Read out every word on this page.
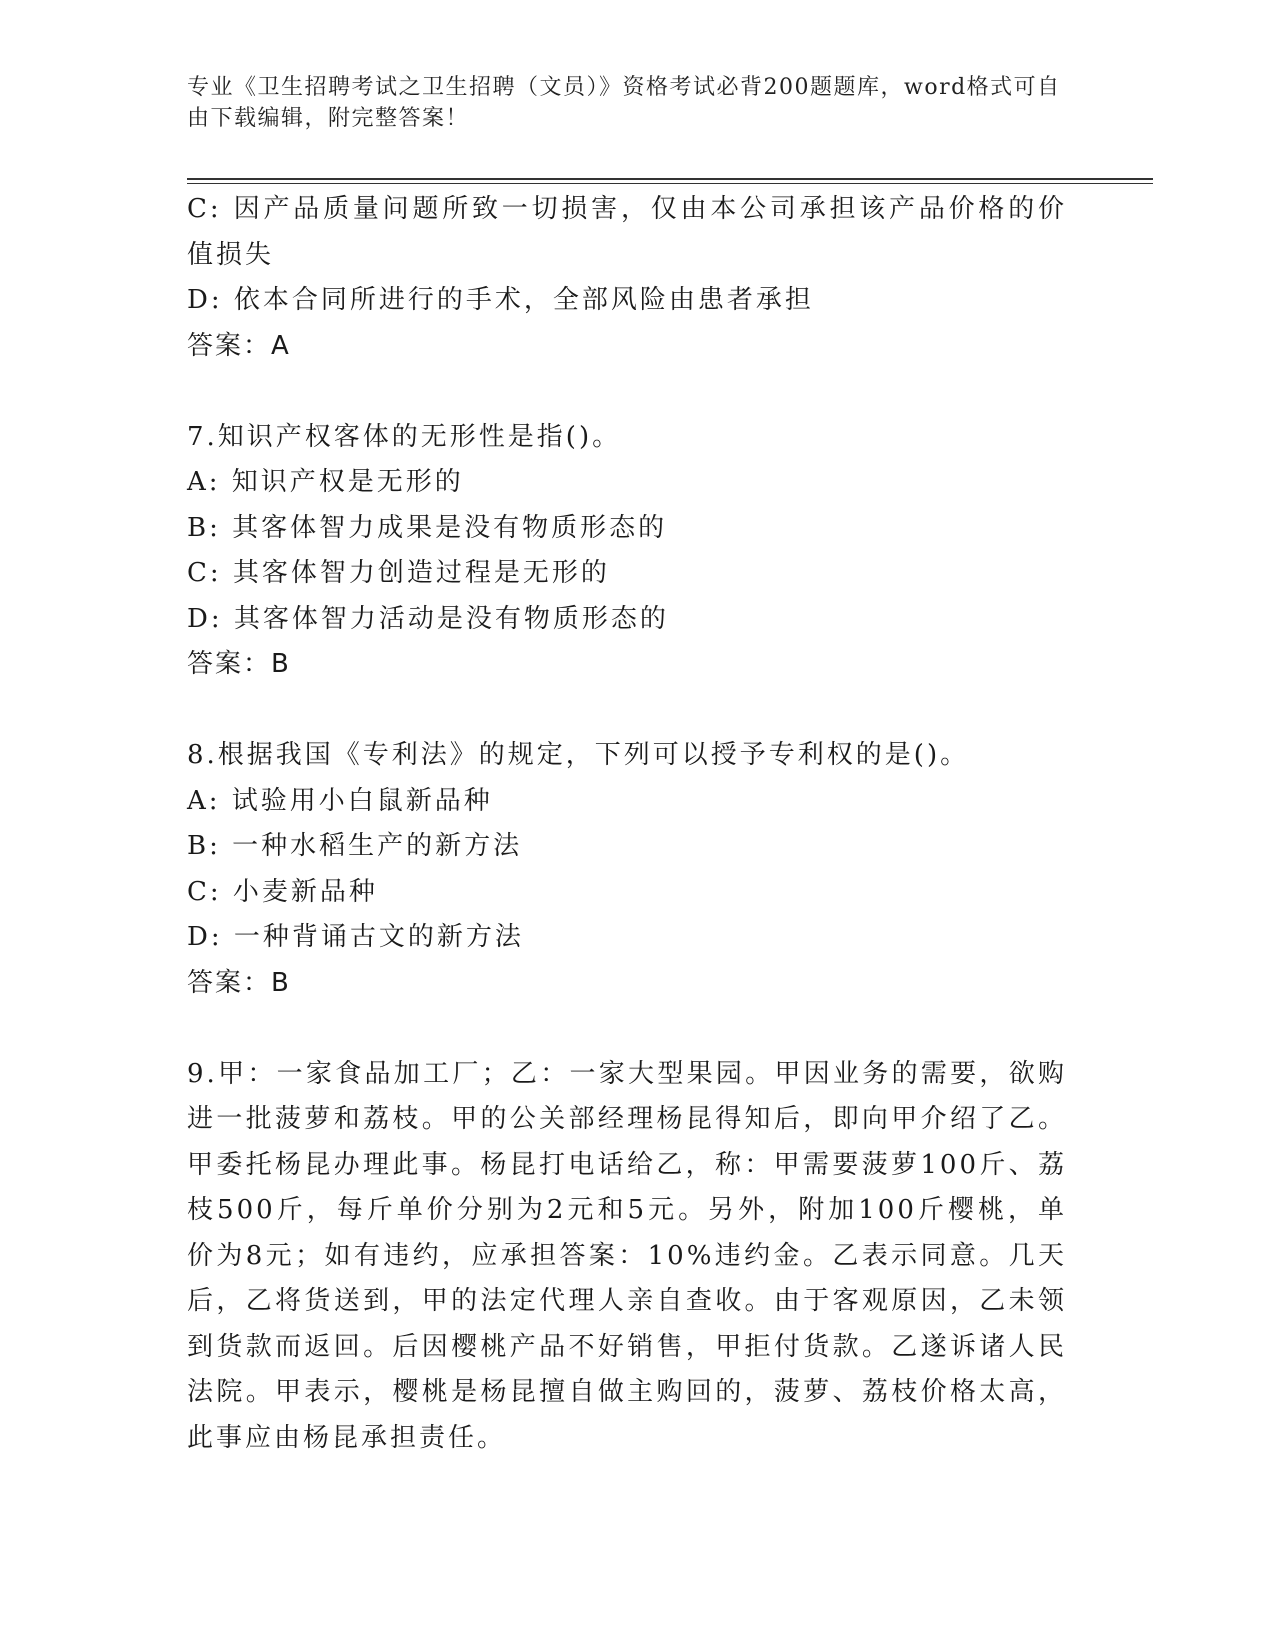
专业《卫生招聘考试之卫生招聘（文员）》资格考试必背200题题库，word格式可自由下载编辑，附完整答案！
C: 因产品质量问题所致一切损害，仅由本公司承担该产品价格的价值损失
D: 依本合同所进行的手术，全部风险由患者承担
答案：A
7.知识产权客体的无形性是指()。
A: 知识产权是无形的
B: 其客体智力成果是没有物质形态的
C: 其客体智力创造过程是无形的
D: 其客体智力活动是没有物质形态的
答案：B
8.根据我国《专利法》的规定，下列可以授予专利权的是()。
A: 试验用小白鼠新品种
B: 一种水稻生产的新方法
C: 小麦新品种
D: 一种背诵古文的新方法
答案：B
9.甲：一家食品加工厂；乙：一家大型果园。甲因业务的需要，欲购进一批菠萝和荔枝。甲的公关部经理杨昆得知后，即向甲介绍了乙。甲委托杨昆办理此事。杨昆打电话给乙，称：甲需要菠萝100斤、荔枝500斤，每斤单价分别为2元和5元。另外，附加100斤樱桃，单价为8元；如有违约，应承担答案：10%违约金。乙表示同意。几天后，乙将货送到，甲的法定代理人亲自查收。由于客观原因，乙未领到货款而返回。后因樱桃产品不好销售，甲拒付货款。乙遂诉诸人民法院。甲表示，樱桃是杨昆擅自做主购回的，菠萝、荔枝价格太高，此事应由杨昆承担责任。
